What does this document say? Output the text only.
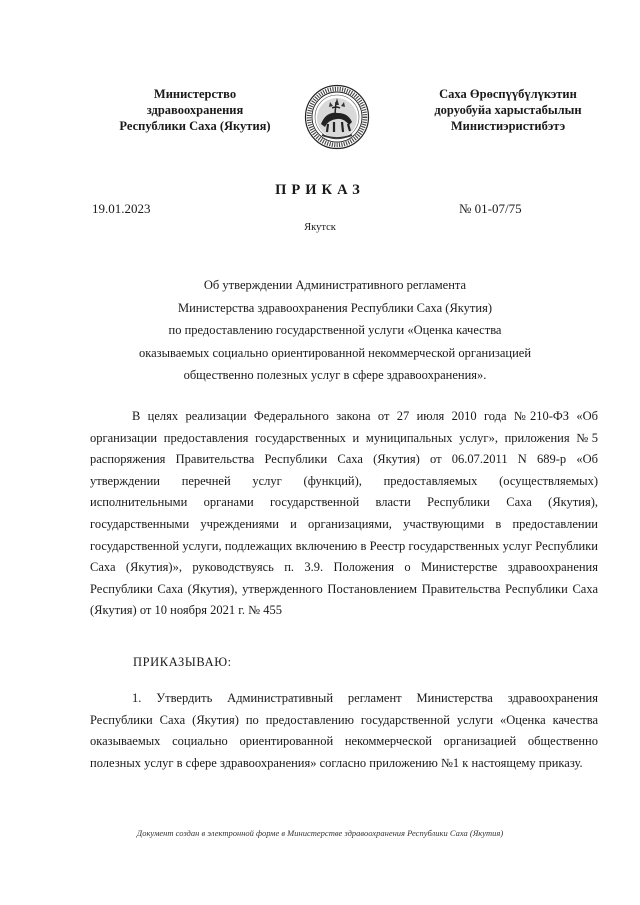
Министерство
здравоохранения
Республики Саха (Якутия)
Саха Өрөспүүбүлүкэтин
доруобуйа харыстабылын
Министиэристибэтэ
ПРИКАЗ
19.01.2023	№ 01-07/75
Якутск
Об утверждении Административного регламента
Министерства здравоохранения Республики Саха (Якутия)
по предоставлению государственной услуги «Оценка качества
оказываемых социально ориентированной некоммерческой организацией
общественно полезных услуг в сфере здравоохранения».

В целях реализации Федерального закона от 27 июля 2010 года №210-ФЗ «Об организации предоставления государственных и муниципальных услуг», приложения №5 распоряжения Правительства Республики Саха (Якутия) от 06.07.2011 N 689-р «Об утверждении перечней услуг (функций), предоставляемых (осуществляемых) исполнительными органами государственной власти Республики Саха (Якутия), государственными учреждениями и организациями, участвующими в предоставлении государственной услуги, подлежащих включению в Реестр государственных услуг Республики Саха (Якутия)», руководствуясь п. 3.9. Положения о Министерстве здравоохранения Республики Саха (Якутия), утвержденного Постановлением Правительства Республики Саха (Якутия) от 10 ноября 2021 г. № 455

ПРИКАЗЫВАЮ:

1. Утвердить Административный регламент Министерства здравоохранения Республики Саха (Якутия) по предоставлению государственной услуги «Оценка качества оказываемых социально ориентированной некоммерческой организацией общественно полезных услуг в сфере здравоохранения» согласно приложению №1 к настоящему приказу.

Документ создан в электронной форме в Министерстве здравоохранения Республики Саха (Якутия)
